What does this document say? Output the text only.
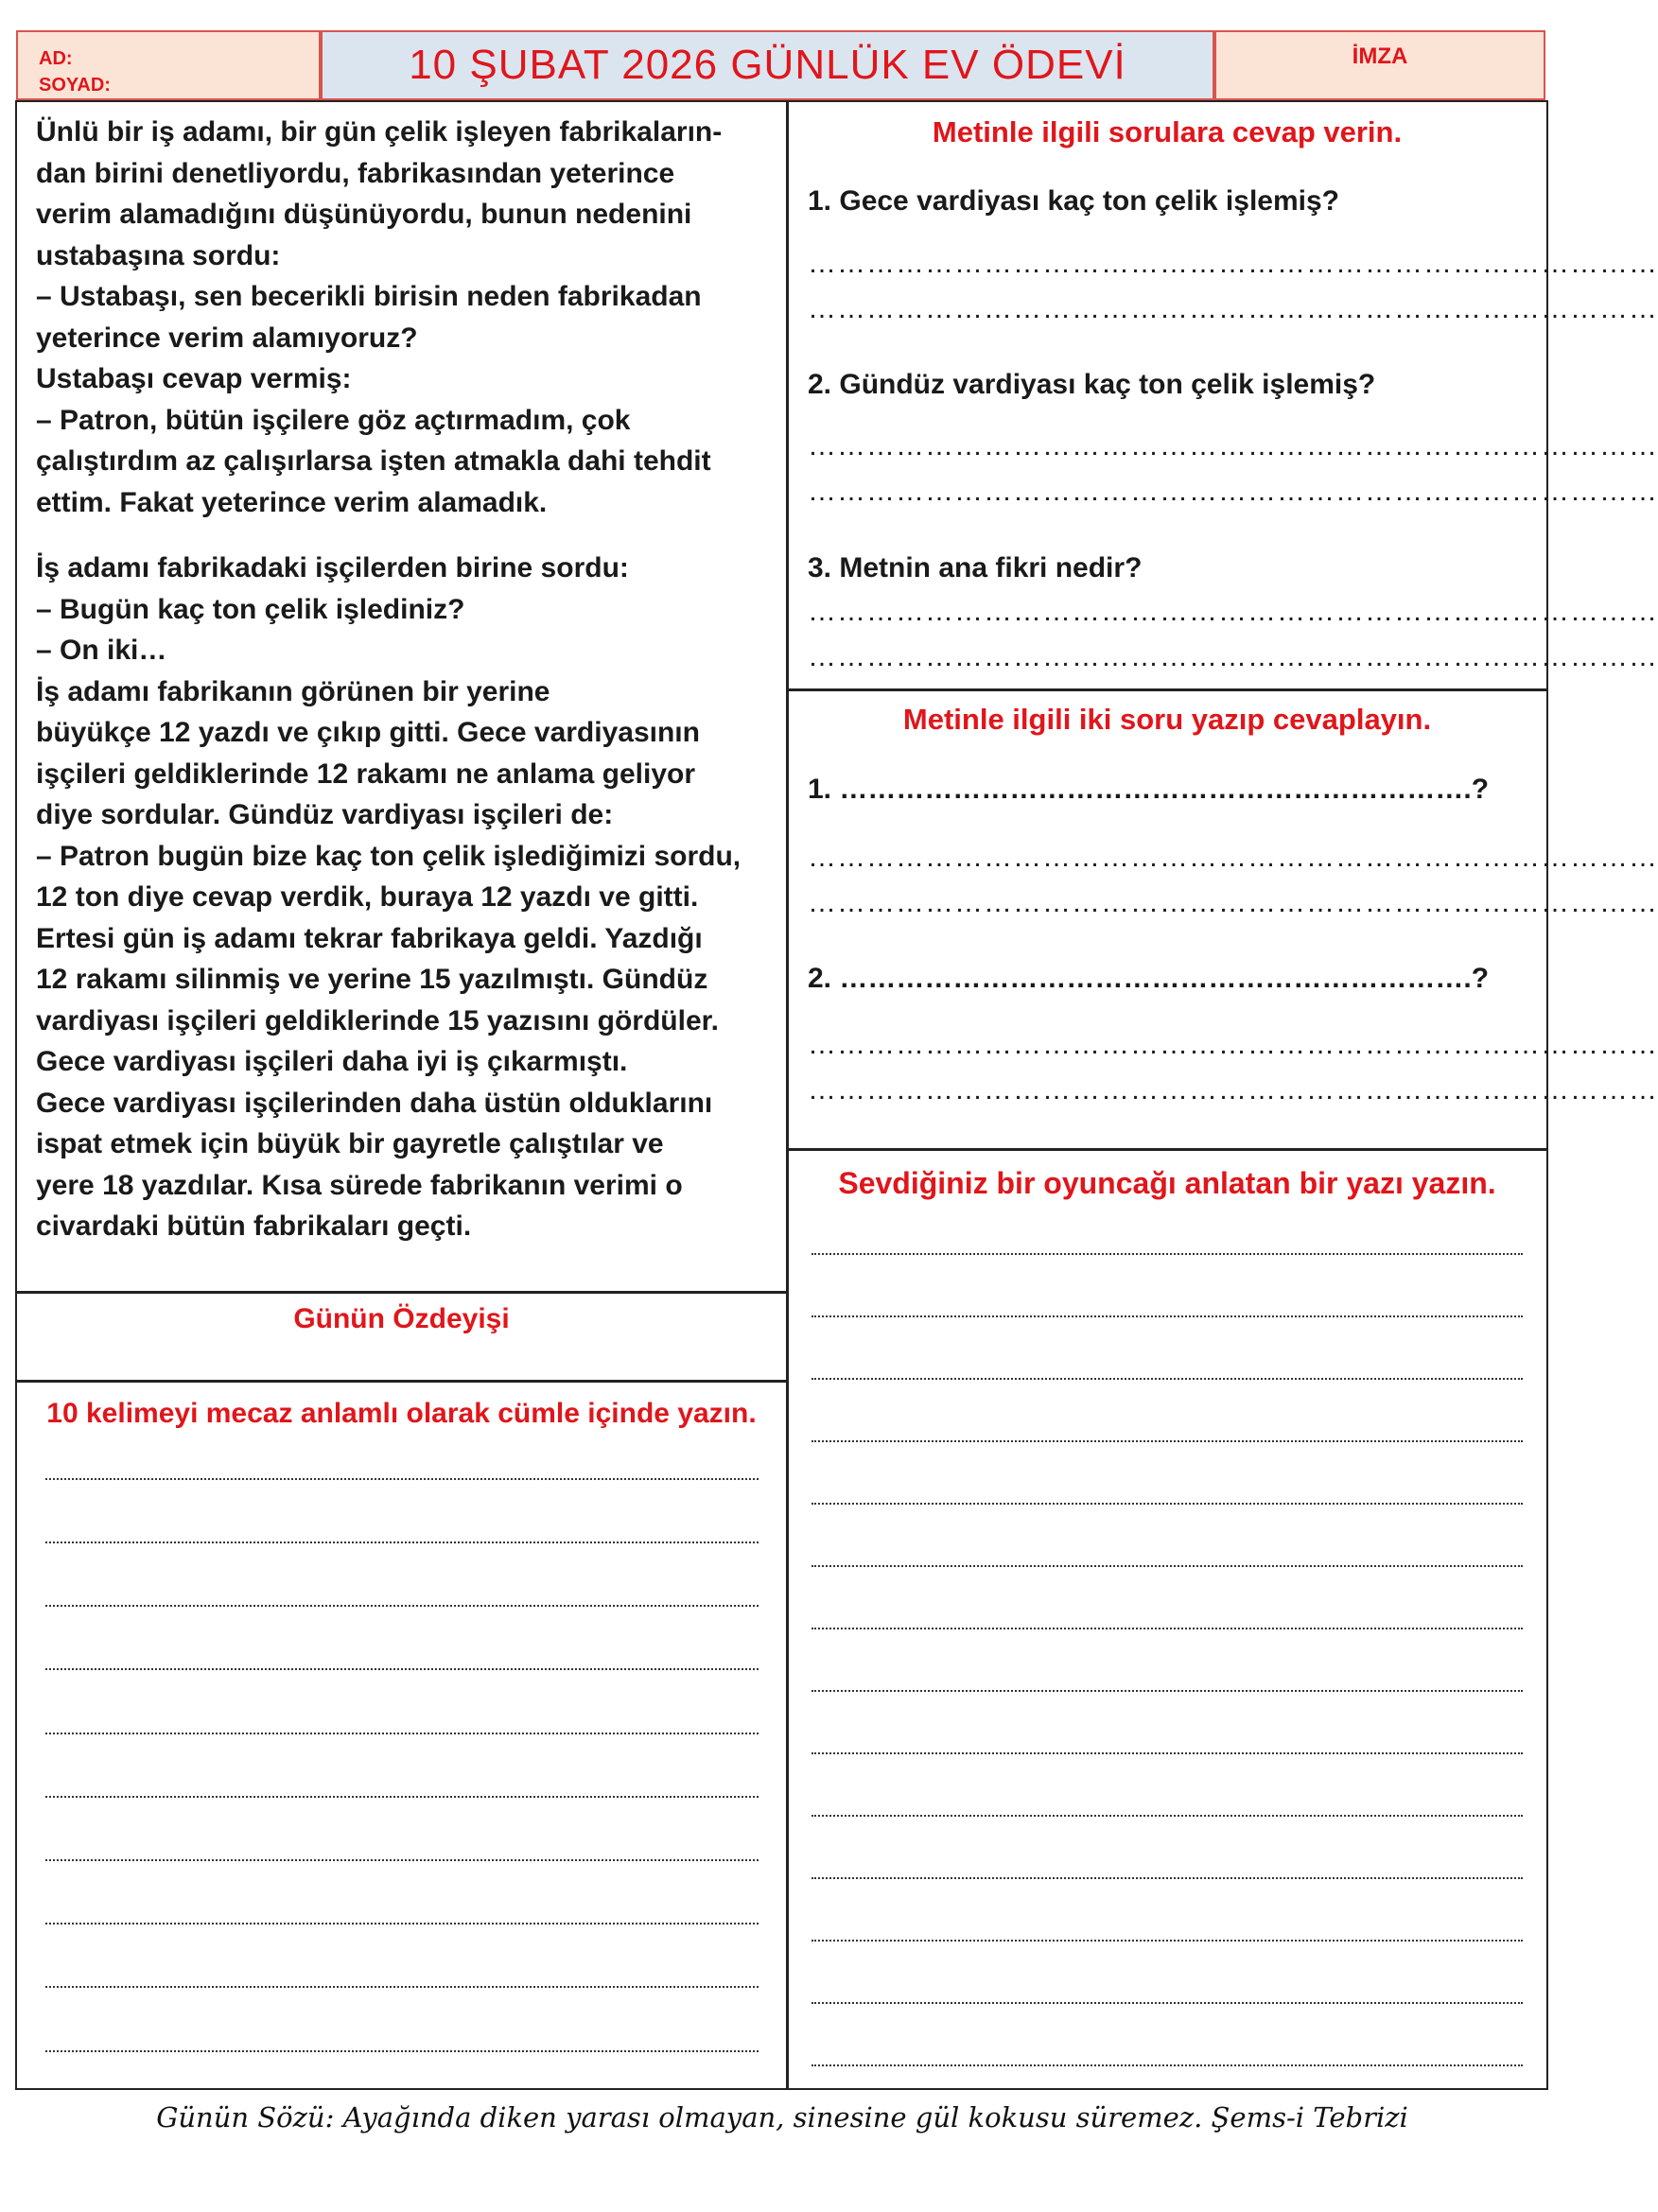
AD:
SOYAD:	10 ŞUBAT 2026 GÜNLÜK EV ÖDEVİ	İMZA

Ünlü bir iş adamı, bir gün çelik işleyen fabrikaların-
dan birini denetliyordu, fabrikasından yeterince
verim alamadığını düşünüyordu, bunun nedenini
ustabaşına sordu:
– Ustabaşı, sen becerikli birisin neden fabrikadan
yeterince verim alamıyoruz?
Ustabaşı cevap vermiş:
– Patron, bütün işçilere göz açtırmadım, çok
çalıştırdım az çalışırlarsa işten atmakla dahi tehdit
ettim. Fakat yeterince verim alamadık.

İş adamı fabrikadaki işçilerden birine sordu:
– Bugün kaç ton çelik işlediniz?
– On iki…
İş adamı fabrikanın görünen bir yerine
büyükçe 12 yazdı ve çıkıp gitti. Gece vardiyasının
işçileri geldiklerinde 12 rakamı ne anlama geliyor
diye sordular. Gündüz vardiyası işçileri de:
– Patron bugün bize kaç ton çelik işlediğimizi sordu,
12 ton diye cevap verdik, buraya 12 yazdı ve gitti.
Ertesi gün iş adamı tekrar fabrikaya geldi. Yazdığı
12 rakamı silinmiş ve yerine 15 yazılmıştı. Gündüz
vardiyası işçileri geldiklerinde 15 yazısını gördüler.
Gece vardiyası işçileri daha iyi iş çıkarmıştı.
Gece vardiyası işçilerinden daha üstün olduklarını
ispat etmek için büyük bir gayretle çalıştılar ve
yere 18 yazdılar. Kısa sürede fabrikanın verimi o
civardaki bütün fabrikaları geçti.

Günün Özdeyişi
10 kelimeyi mecaz anlamlı olarak cümle içinde yazın.
Metinle ilgili sorulara cevap verin.
1. Gece vardiyası kaç ton çelik işlemiş?
……………………………………………………………………………
……………………………………………………………………………
2. Gündüz vardiyası kaç ton çelik işlemiş?
……………………………………………………………………………
……………………………………………………………………………
3. Metnin ana fikri nedir?
……………………………………………………………………………
……………………………………………………………………………
Metinle ilgili iki soru yazıp cevaplayın.
1. ………………………………………………………….?
……………………………………………………………………………
……………………………………………………………………………
2. ………………………………………………………….?
……………………………………………………………………………
……………………………………………………………………………
Sevdiğiniz bir oyuncağı anlatan bir yazı yazın.
Günün Sözü: Ayağında diken yarası olmayan, sinesine gül kokusu süremez. Şems-i Tebrizi
